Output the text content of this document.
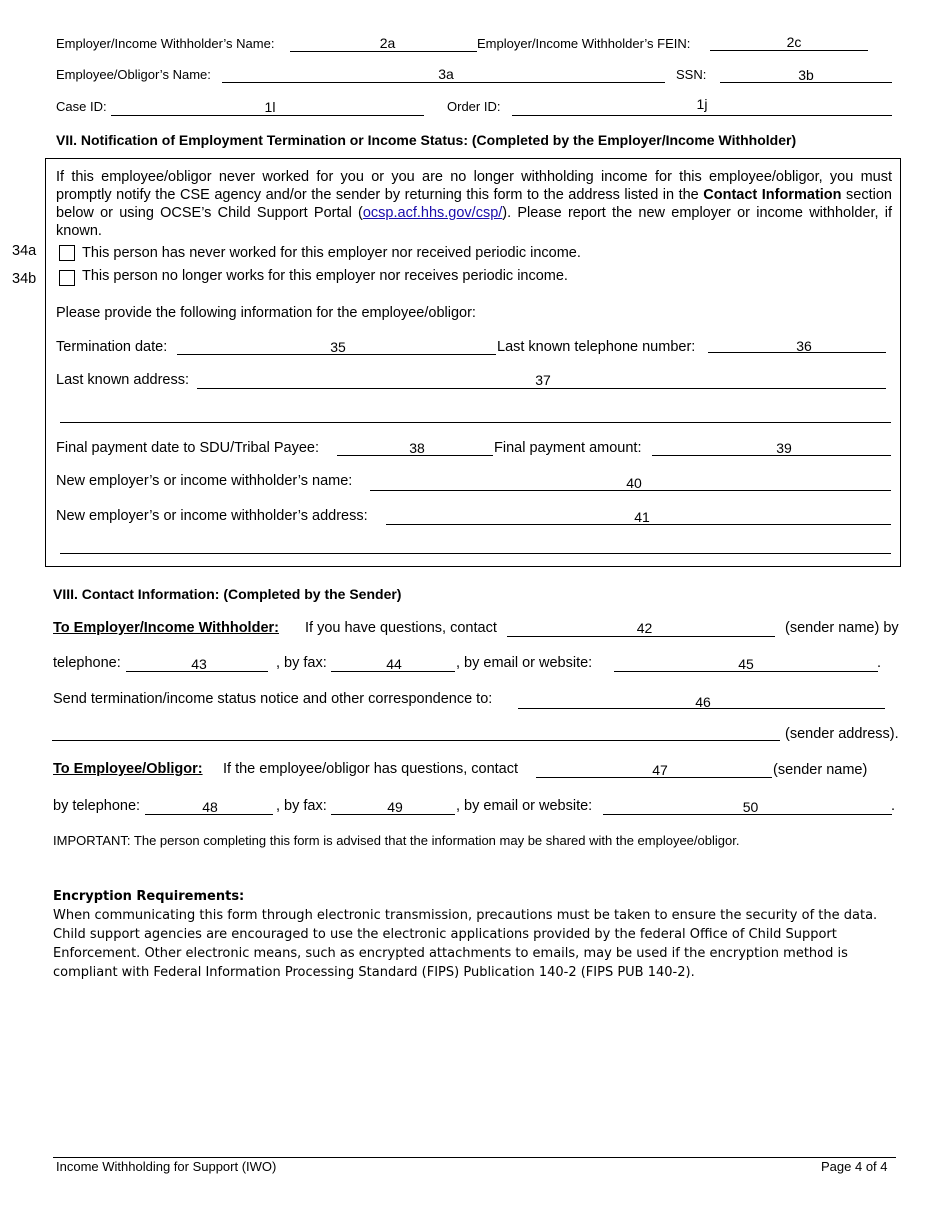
Employer/Income Withholder’s Name:	2a	Employer/Income Withholder’s FEIN:	2c
Employee/Obligor’s Name:	3a	SSN:	3b
Case ID:	1l	Order ID:	1j
VII. Notification of Employment Termination or Income Status: (Completed by the Employer/Income Withholder)
If this employee/obligor never worked for you or you are no longer withholding income for this employee/obligor, you must promptly notify the CSE agency and/or the sender by returning this form to the address listed in the Contact Information section below or using OCSE’s Child Support Portal (ocsp.acf.hhs.gov/csp/). Please report the new employer or income withholder, if known.
34a	This person has never worked for this employer nor received periodic income.
34b	This person no longer works for this employer nor receives periodic income.
Please provide the following information for the employee/obligor:
Termination date:	35	Last known telephone number:	36
Last known address:	37
Final payment date to SDU/Tribal Payee:	38	Final payment amount:	39
New employer’s or income withholder’s name:	40
New employer’s or income withholder’s address:	41
VIII. Contact Information: (Completed by the Sender)
To Employer/Income Withholder: If you have questions, contact	42	(sender name) by
telephone:	43	, by fax:	44	, by email or website:	45	.
Send termination/income status notice and other correspondence to:	46
(sender address).
To Employee/Obligor: If the employee/obligor has questions, contact	47	(sender name)
by telephone:	48	, by fax:	49	, by email or website:	50	.
IMPORTANT: The person completing this form is advised that the information may be shared with the employee/obligor.
Encryption Requirements:
When communicating this form through electronic transmission, precautions must be taken to ensure the security of the data. Child support agencies are encouraged to use the electronic applications provided by the federal Office of Child Support Enforcement. Other electronic means, such as encrypted attachments to emails, may be used if the encryption method is compliant with Federal Information Processing Standard (FIPS) Publication 140-2 (FIPS PUB 140-2).
Income Withholding for Support (IWO)	Page 4 of 4
